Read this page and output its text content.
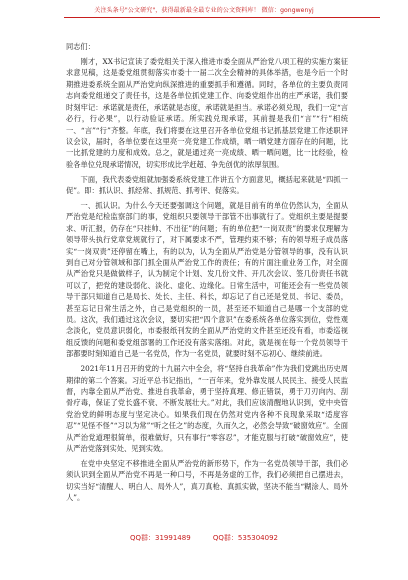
关注头条号"公文研究"，获得最新最全最专业的公文资料库！ 微信：gongwenyj
同志们：

刚才，XX书记宣读了委党组关于深入推进市委全面从严治党八项工程的实施方案征求意见稿，这是委党组贯彻落实市委十一届二次全会精神的具体举措，也是今后一个时期推进委系统全面从严治党向纵深推进的重要抓手和遵循。同时，各单位的主要负责同志向委党组递交了责任书，这是各单位抓党建工作、向委党组作出的庄严承诺，我们要时刻牢记：承诺就是责任，承诺就是态度，承诺就是担当。承诺必须兑现，我们一定“言必行，行必果”，以行动验证承诺。所实践兑现承诺，其前提是我们“言”“行”相统一、“言”“行”齐整。年底，我们将要在这里召开各单位党组书记抓基层党建工作述职评议会议，届时，各单位要在这里亮一亮党建工作成绩，晒一晒党建方面存在的问题，比一比抓党建的力度和成效。总之，就是通过亮一亮成绩、晒一晒问题，比一比经验，检验各单位兑现承诺情况，切实形成比学赶超、争先创优的浓厚氛围。

下面，我代表委党组就加强委系统党建工作讲五个方面意见，概括起来就是“四抓一促”。即：抓认识、抓经常、抓规范、抓考评、促落实。

一、抓认识。为什么今天还要强调这个问题，就是目前有的单位仍然认为，全面从严治党是纪检监察部门的事，党组织只要领导干部管不出事就行了。党组织主要是提要求、听汇报，仍存在“只挂帅、不出征”的问题；有的单位把“一岗双责”的要求仅理解为领导带头执行党章党规就行了，对下属要求不严，管理约束不够；有的领导班子成员落实“一岗双责”还停留在嘴上，有的以为，认为全面从严治党是分管领导的事，没有认识到自己对分管领域和部门抓全面从严治党工作的责任；有的片面注重业务工作，对全面从严治党只是做做样子，认为制定个计划、发几份文件、开几次会议、签几份责任书就可以了，把党的建设弱化、淡化、虚化、边缘化。日常生活中，可能还会有一些党员领导干部只知道自己是局长、处长、主任、科长，却忘记了自己还是党员、书记、委员，甚至忘记日常生活之外，自己是党组织的一员，甚至还不知道自己是哪一个支部的党员。这次，我们通过这次会议，要切实把“四个意识”在委系统各单位落实到位，党性观念淡化，党员意识弱化，市委报纸刊发的全面从严治党的文件甚至还没有看，市委巡视组反馈的问题和委党组部署的工作还没有落实落细。对此，就是视在每一个党员领导干部都要时刻知道自己是一名党员，作为一名党员，就要时刻不忘初心、继续前进。

2021年11月召开的党的十九届六中全会，将“坚持自我革命”作为我们党跳出历史周期律的第二个答案。习近平总书记指出，“一百年来，党外靠发展人民民主、接受人民监督，内靠全面从严治党、推进自我革命，勇于坚持真理、修正错误，勇于刀刃向内、刮骨疗毒，保证了党长盛不衰、不断发展壮大。”对此，我们应该清醒地认识到，党中央管党治党的鲜明态度与坚定决心。如果我们现在仍然对党内各种不良现象采取“适度容忍”“见怪不怪”“习以为常”“听之任之”的态度，久而久之，必然会导致“破窗效应”。全面从严治党道理很简单，很难做好，只有事行“零容忍”，才能克服与打破“破窗效应”，使从严治党落到实处、见到实效。

在党中央坚定不移推进全面从严治党的新形势下，作为一名党员领导干部，我们必须认识到全面从严治党不再是一种口号，不再是务虚的工作，我们必须把自己摆进去，切实当好“清醒人、明白人、局外人”，真刀真枪、真抓实做，坚决不能当“糊涂人、局外人”。

QQ群：31991489	QQ群：535304092
